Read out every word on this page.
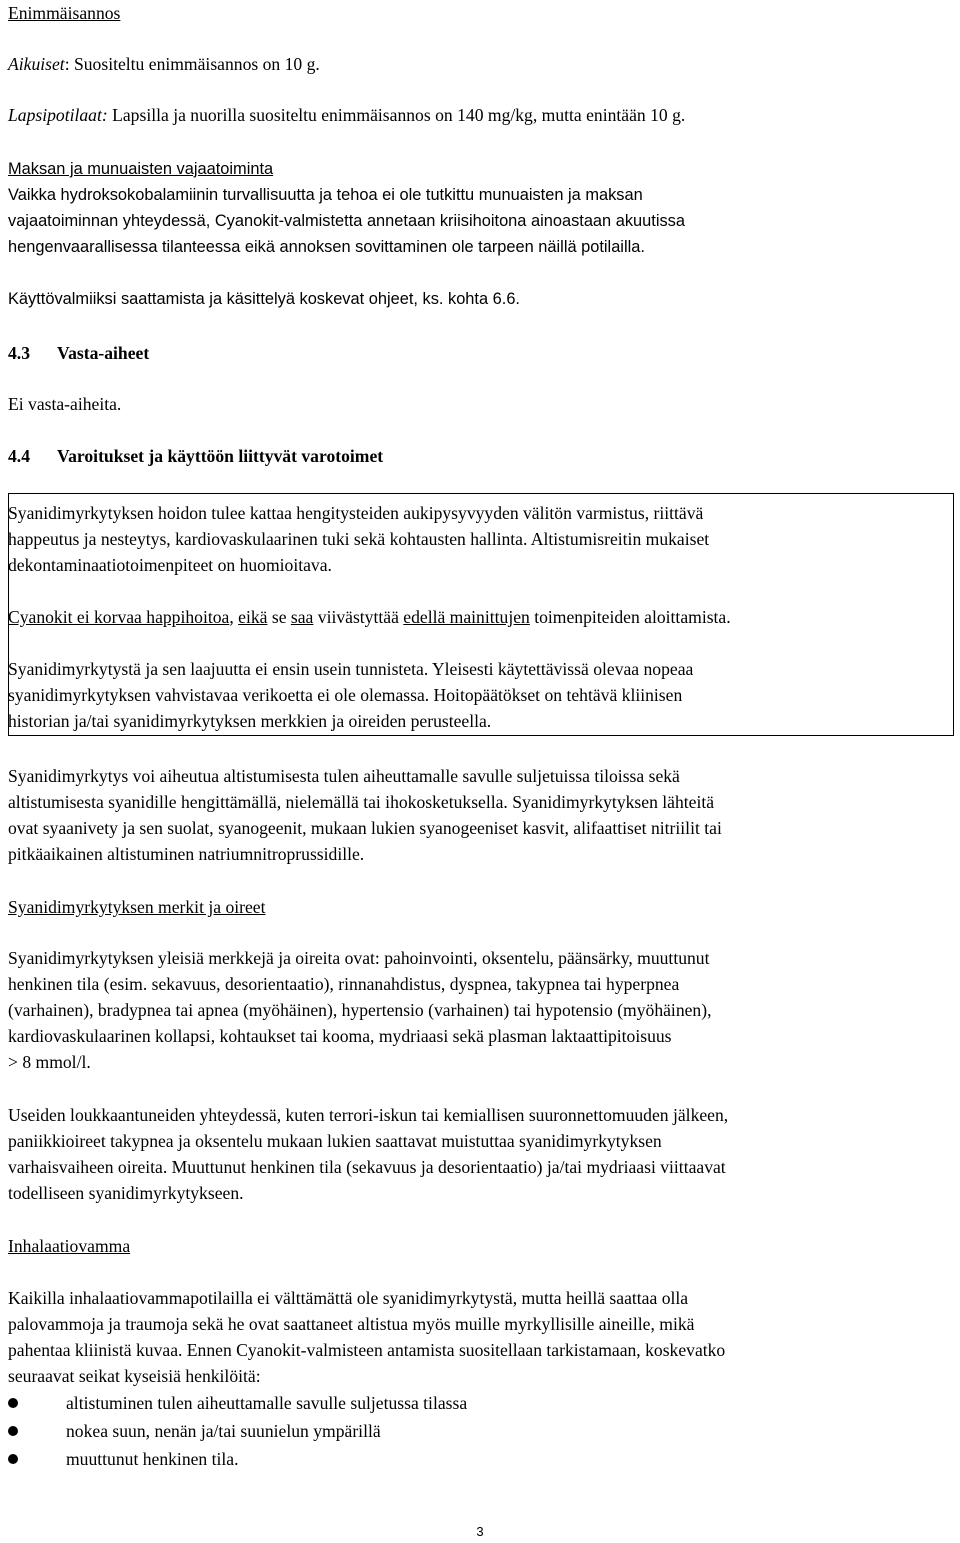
Enimmäisannos
Aikuiset: Suositeltu enimmäisannos on 10 g.
Lapsipotilaat: Lapsilla ja nuorilla suositeltu enimmäisannos on 140 mg/kg, mutta enintään 10 g.
Maksan ja munuaisten vajaatoiminta
Vaikka hydroksokobalamiinin turvallisuutta ja tehoa ei ole tutkittu munuaisten ja maksan
vajaatoiminnan yhteydessä, Cyanokit-valmistetta annetaan kriisihoitona ainoastaan akuutissa
hengenvaarallisessa tilanteessa eikä annoksen sovittaminen ole tarpeen näillä potilailla.
Käyttövalmiiksi saattamista ja käsittelyä koskevat ohjeet, ks. kohta 6.6.
4.3 Vasta-aiheet
Ei vasta-aiheita.
4.4 Varoitukset ja käyttöön liittyvät varotoimet
Syanidimyrkytyksen hoidon tulee kattaa hengitysteiden aukipysyvyyden välitön varmistus, riittävä
happeutus ja nesteytys, kardiovaskulaarinen tuki sekä kohtausten hallinta. Altistumisreitin mukaiset
dekontaminaatiotoimenpiteet on huomioitava.
Cyanokit ei korvaa happihoitoa, eikä se saa viivästyttää edellä mainittujen toimenpiteiden aloittamista.
Syanidimyrkytystä ja sen laajuutta ei ensin usein tunnisteta. Yleisesti käytettävissä olevaa nopeaa
syanidimyrkytyksen vahvistavaa verikoetta ei ole olemassa. Hoitopäätökset on tehtävä kliinisen
historian ja/tai syanidimyrkytyksen merkkien ja oireiden perusteella.
Syanidimyrkytys voi aiheutua altistumisesta tulen aiheuttamalle savulle suljetuissa tiloissa sekä
altistumisesta syanidille hengittämällä, nielemällä tai ihokosketuksella. Syanidimyrkytyksen lähteitä
ovat syaanivety ja sen suolat, syanogeenit, mukaan lukien syanogeeniset kasvit, alifaattiset nitriilit tai
pitkäaikainen altistuminen natriumnitroprussidille.
Syanidimyrkytyksen merkit ja oireet
Syanidimyrkytyksen yleisiä merkkejä ja oireita ovat: pahoinvointi, oksentelu, päänsärky, muuttunut
henkinen tila (esim. sekavuus, desorientaatio), rinnanahdistus, dyspnea, takypnea tai hyperpnea
(varhainen), bradypnea tai apnea (myöhäinen), hypertensio (varhainen) tai hypotensio (myöhäinen),
kardiovaskulaarinen kollapsi, kohtaukset tai kooma, mydriaasi sekä plasman laktaattipitoisuus
> 8 mmol/l.
Useiden loukkaantuneiden yhteydessä, kuten terrori-iskun tai kemiallisen suuronnettomuuden jälkeen,
paniikkioireet takypnea ja oksentelu mukaan lukien saattavat muistuttaa syanidimyrkytyksen
varhaisvaiheen oireita. Muuttunut henkinen tila (sekavuus ja desorientaatio) ja/tai mydriaasi viittaavat
todelliseen syanidimyrkytykseen.
Inhalaatiovamma
Kaikilla inhalaatiovammapotilailla ei välttämättä ole syanidimyrkytystä, mutta heillä saattaa olla
palovammoja ja traumoja sekä he ovat saattaneet altistua myös muille myrkyllisille aineille, mikä
pahentaa kliinistä kuvaa. Ennen Cyanokit-valmisteen antamista suositellaan tarkistamaan, koskevatko
seuraavat seikat kyseisiä henkilöitä:
altistuminen tulen aiheuttamalle savulle suljetussa tilassa
nokea suun, nenän ja/tai suunielun ympärillä
muuttunut henkinen tila.
3
